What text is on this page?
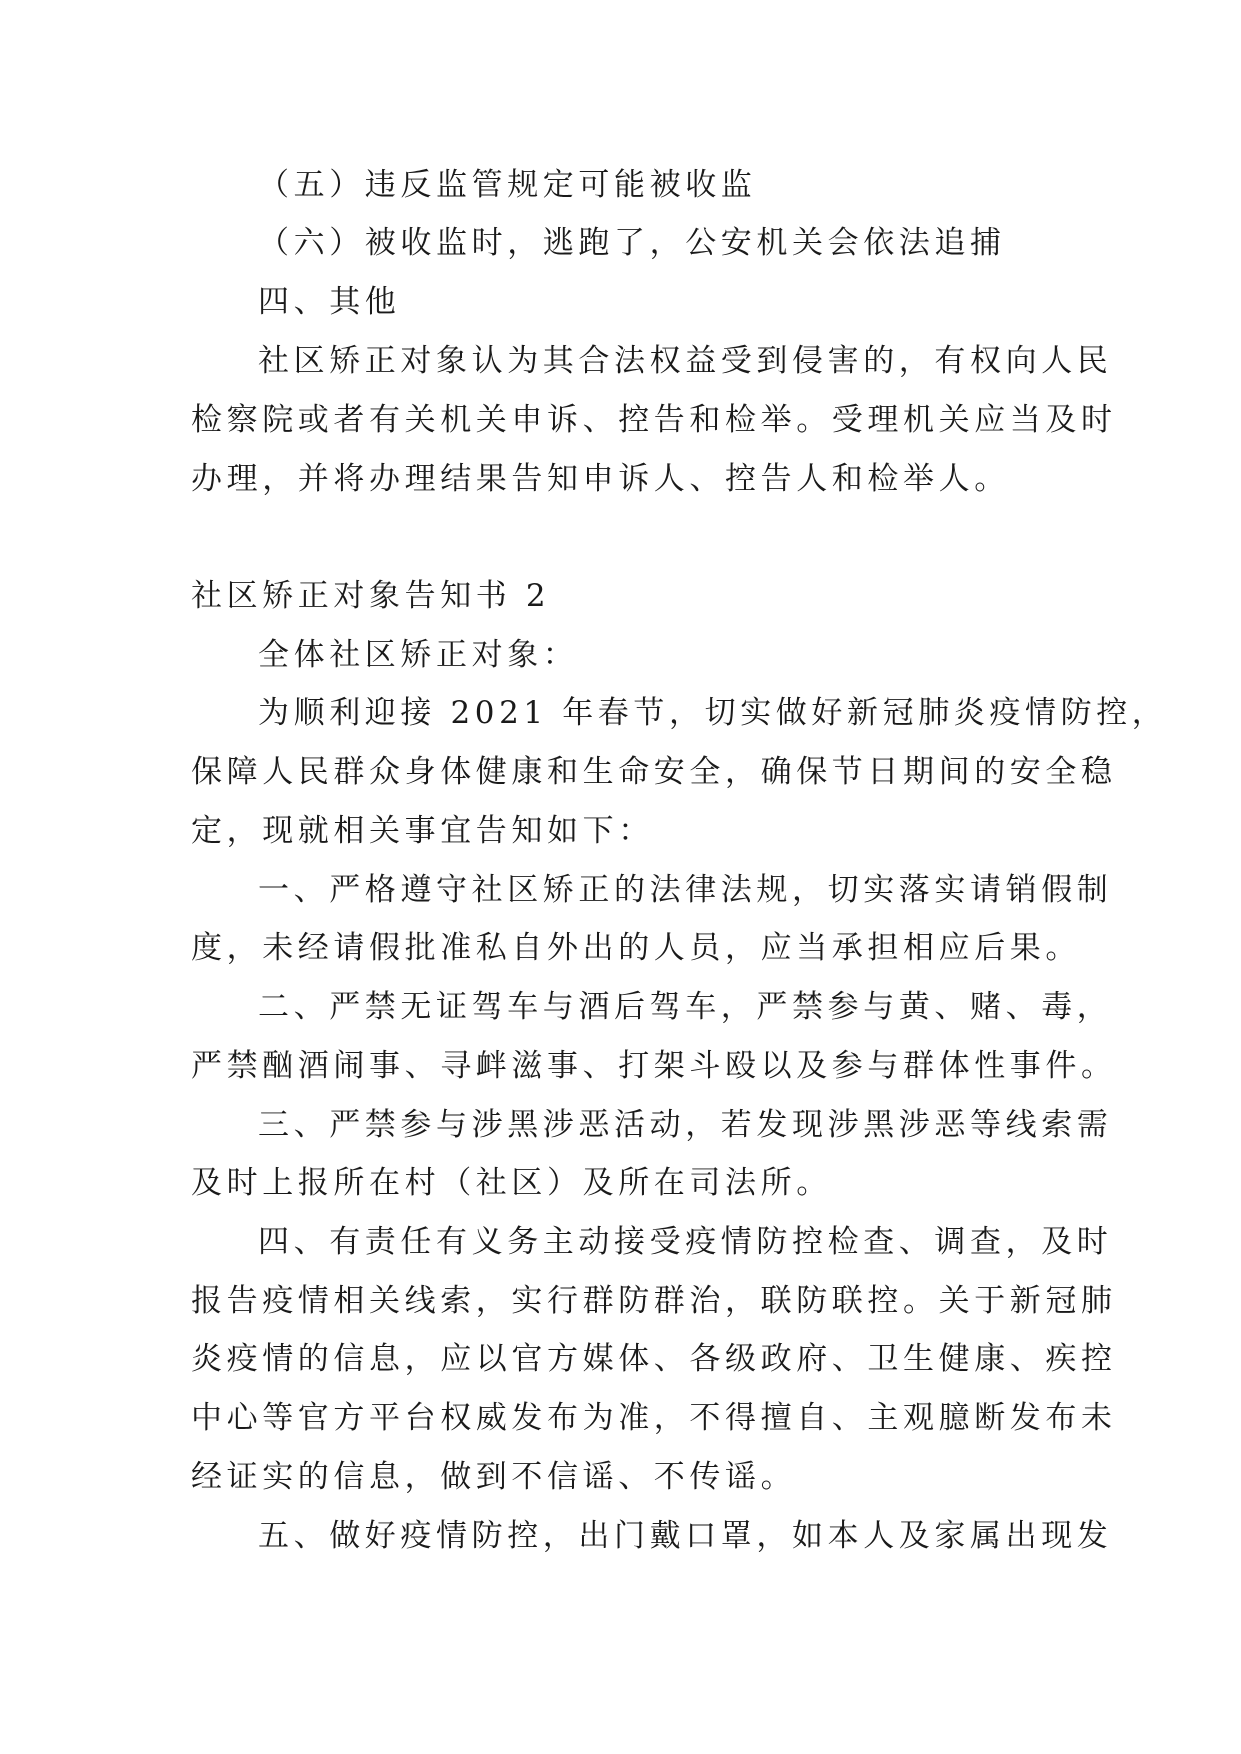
（五）违反监管规定可能被收监
（六）被收监时，逃跑了，公安机关会依法追捕
四、其他
社区矫正对象认为其合法权益受到侵害的，有权向人民
检察院或者有关机关申诉、控告和检举。受理机关应当及时
办理，并将办理结果告知申诉人、控告人和检举人。
社区矫正对象告知书 2
全体社区矫正对象：
为顺利迎接 2021 年春节，切实做好新冠肺炎疫情防控，
保障人民群众身体健康和生命安全，确保节日期间的安全稳
定，现就相关事宜告知如下：
一、严格遵守社区矫正的法律法规，切实落实请销假制
度，未经请假批准私自外出的人员，应当承担相应后果。
二、严禁无证驾车与酒后驾车，严禁参与黄、赌、毒，
严禁酗酒闹事、寻衅滋事、打架斗殴以及参与群体性事件。
三、严禁参与涉黑涉恶活动，若发现涉黑涉恶等线索需
及时上报所在村（社区）及所在司法所。
四、有责任有义务主动接受疫情防控检查、调查，及时
报告疫情相关线索，实行群防群治，联防联控。关于新冠肺
炎疫情的信息，应以官方媒体、各级政府、卫生健康、疾控
中心等官方平台权威发布为准，不得擅自、主观臆断发布未
经证实的信息，做到不信谣、不传谣。
五、做好疫情防控，出门戴口罩，如本人及家属出现发
